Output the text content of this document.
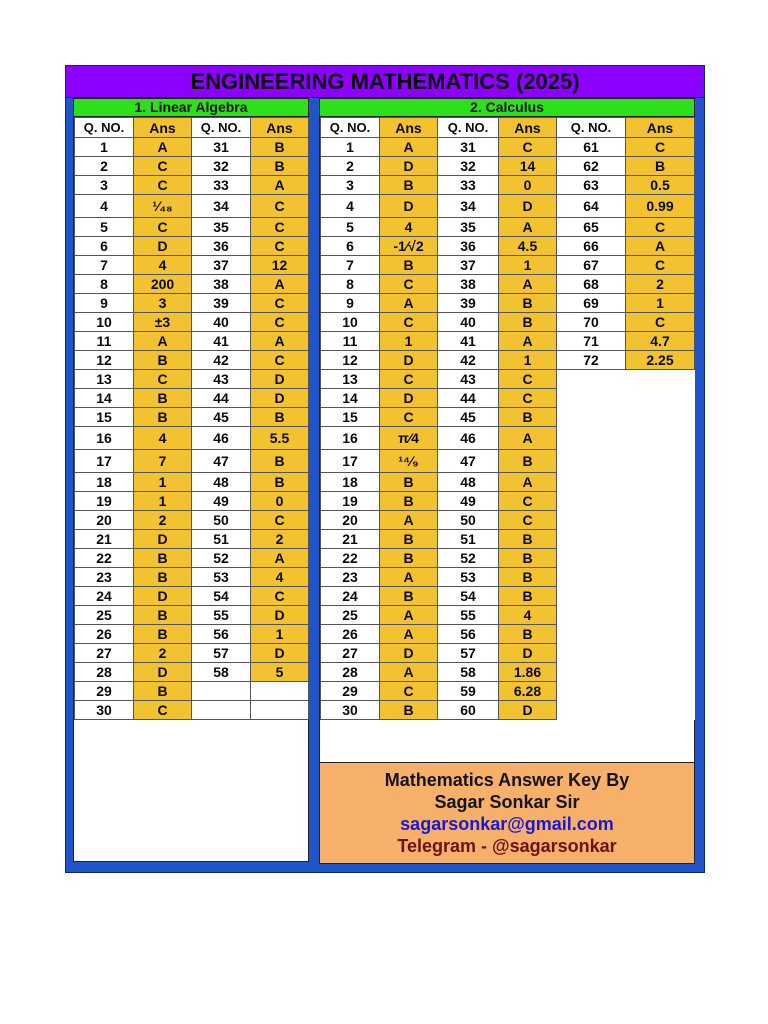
ENGINEERING MATHEMATICS (2025)
1. Linear Algebra
Q. NO.	Ans	Q. NO.	Ans
1	A	31	B
2	C	32	B
3	C	33	A
4	¹⁄₄₈	34	C
5	C	35	C
6	D	36	C
7	4	37	12
8	200	38	A
9	3	39	C
10	±3	40	C
11	A	41	A
12	B	42	C
13	C	43	D
14	B	44	D
15	B	45	B
16	4	46	5.5
17	7	47	B
18	1	48	B
19	1	49	0
20	2	50	C
21	D	51	2
22	B	52	A
23	B	53	4
24	D	54	C
25	B	55	D
26	B	56	1
27	2	57	D
28	D	58	5
29	B		
30	C		
2. Calculus
Q. NO.	Ans	Q. NO.	Ans	Q. NO.	Ans
1	A	31	C	61	C
2	D	32	14	62	B
3	B	33	0	63	0.5
4	D	34	D	64	0.99
5	4	35	A	65	C
6	-1⁄√2	36	4.5	66	A
7	B	37	1	67	C
8	C	38	A	68	2
9	A	39	B	69	1
10	C	40	B	70	C
11	1	41	A	71	4.7
12	D	42	1	72	2.25
13	C	43	C		
14	D	44	C		
15	C	45	B		
16	π⁄4	46	A		
17	¹⁴⁄₉	47	B		
18	B	48	A		
19	B	49	C		
20	A	50	C		
21	B	51	B		
22	B	52	B		
23	A	53	B		
24	B	54	B		
25	A	55	4		
26	A	56	B		
27	D	57	D		
28	A	58	1.86		
29	C	59	6.28		
30	B	60	D		
Mathematics Answer Key By
Sagar Sonkar Sir
sagarsonkar@gmail.com
Telegram - @sagarsonkar
